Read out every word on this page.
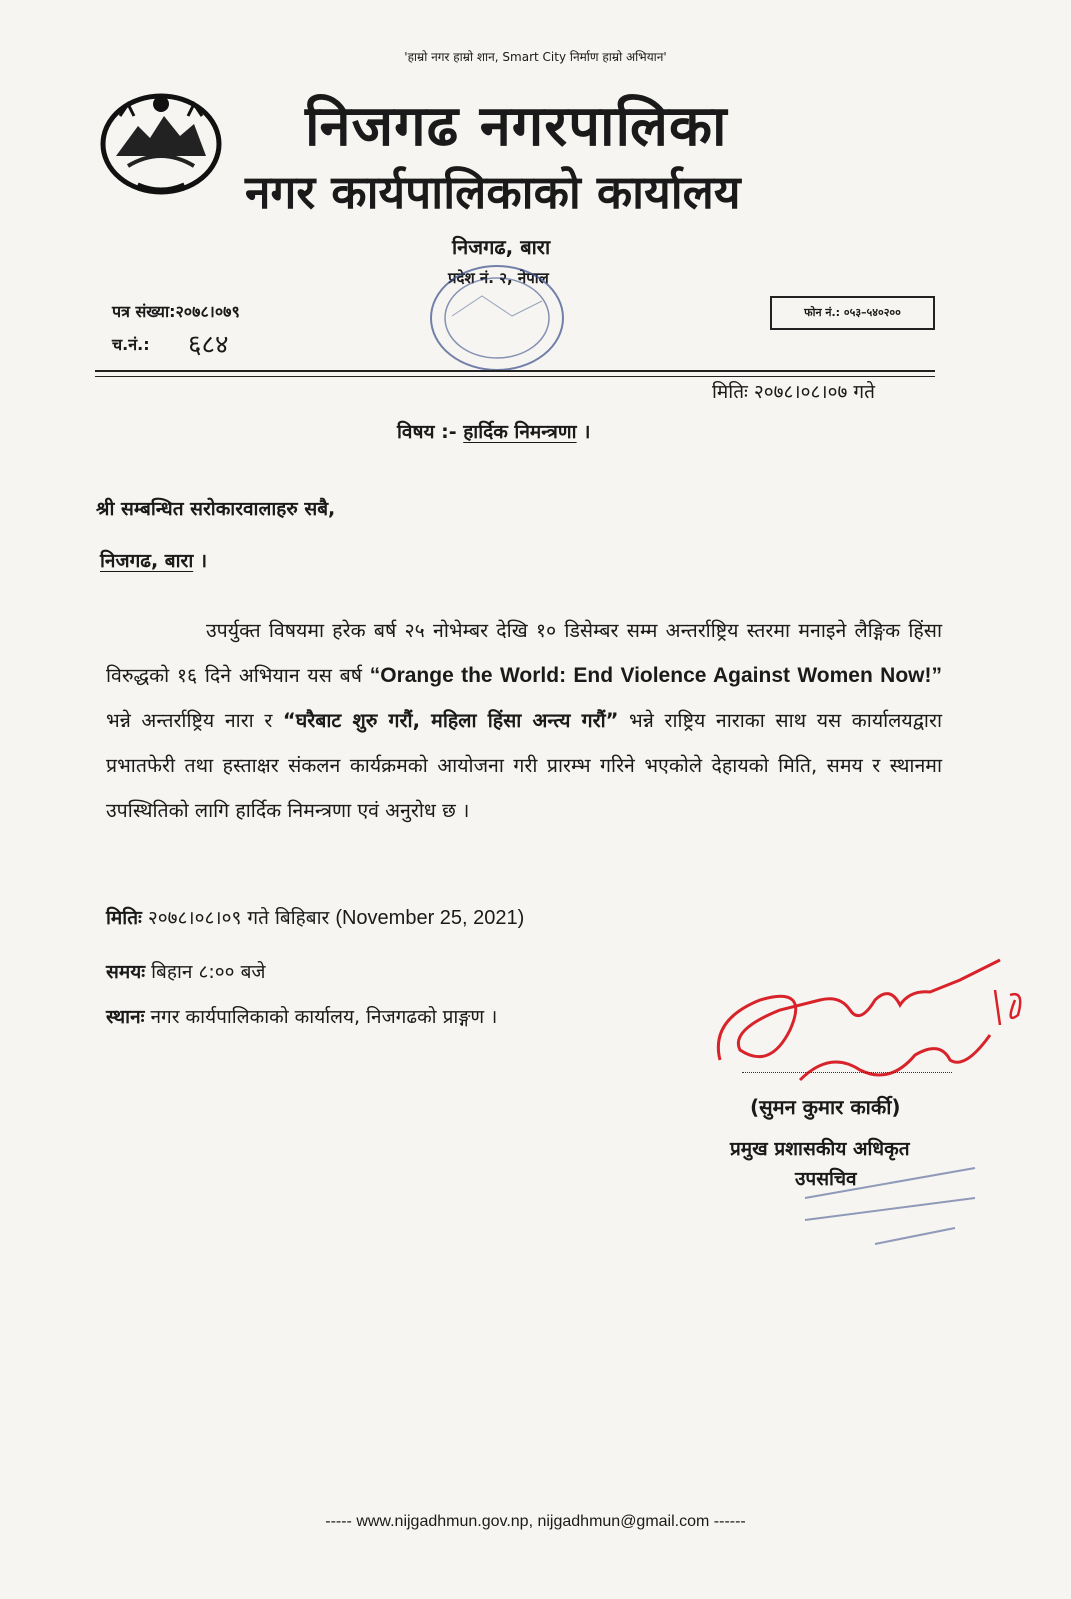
'हाम्रो नगर हाम्रो शान, Smart City निर्माण हाम्रो अभियान'
निजगढ नगरपालिका
नगर कार्यपालिकाको कार्यालय
निजगढ, बारा
प्रदेश नं. २, नेपाल
पत्र संख्या:२०७८।०७९
च.नं.: ६८४
फोन नं.: ०५३–५४०२००
मितिः २०७८।०८।०७ गते
विषय :- हार्दिक निमन्त्रणा ।
श्री सम्बन्धित सरोकारवालाहरु सबै,
निजगढ, बारा ।
उपर्युक्त विषयमा हरेक बर्ष २५ नोभेम्बर देखि १० डिसेम्बर सम्म अन्तर्राष्ट्रिय स्तरमा मनाइने लैङ्गिक हिंसा विरुद्धको १६ दिने अभियान यस बर्ष “Orange the World: End Violence Against Women Now!” भन्ने अन्तर्राष्ट्रिय नारा र “घरैबाट शुरु गरौं, महिला हिंसा अन्त्य गरौं” भन्ने राष्ट्रिय नाराका साथ यस कार्यालयद्वारा प्रभातफेरी तथा हस्ताक्षर संकलन कार्यक्रमको आयोजना गरी प्रारम्भ गरिने भएकोले देहायको मिति, समय र स्थानमा उपस्थितिको लागि हार्दिक निमन्त्रणा एवं अनुरोध छ ।
मितिः २०७८।०८।०९ गते बिहिबार (November 25, 2021)
समयः बिहान ८:०० बजे
स्थानः नगर कार्यपालिकाको कार्यालय, निजगढको प्राङ्गण ।
(सुमन कुमार कार्की)
प्रमुख प्रशासकीय अधिकृत
उपसचिव
----- www.nijgadhmun.gov.np, nijgadhmun@gmail.com ------
